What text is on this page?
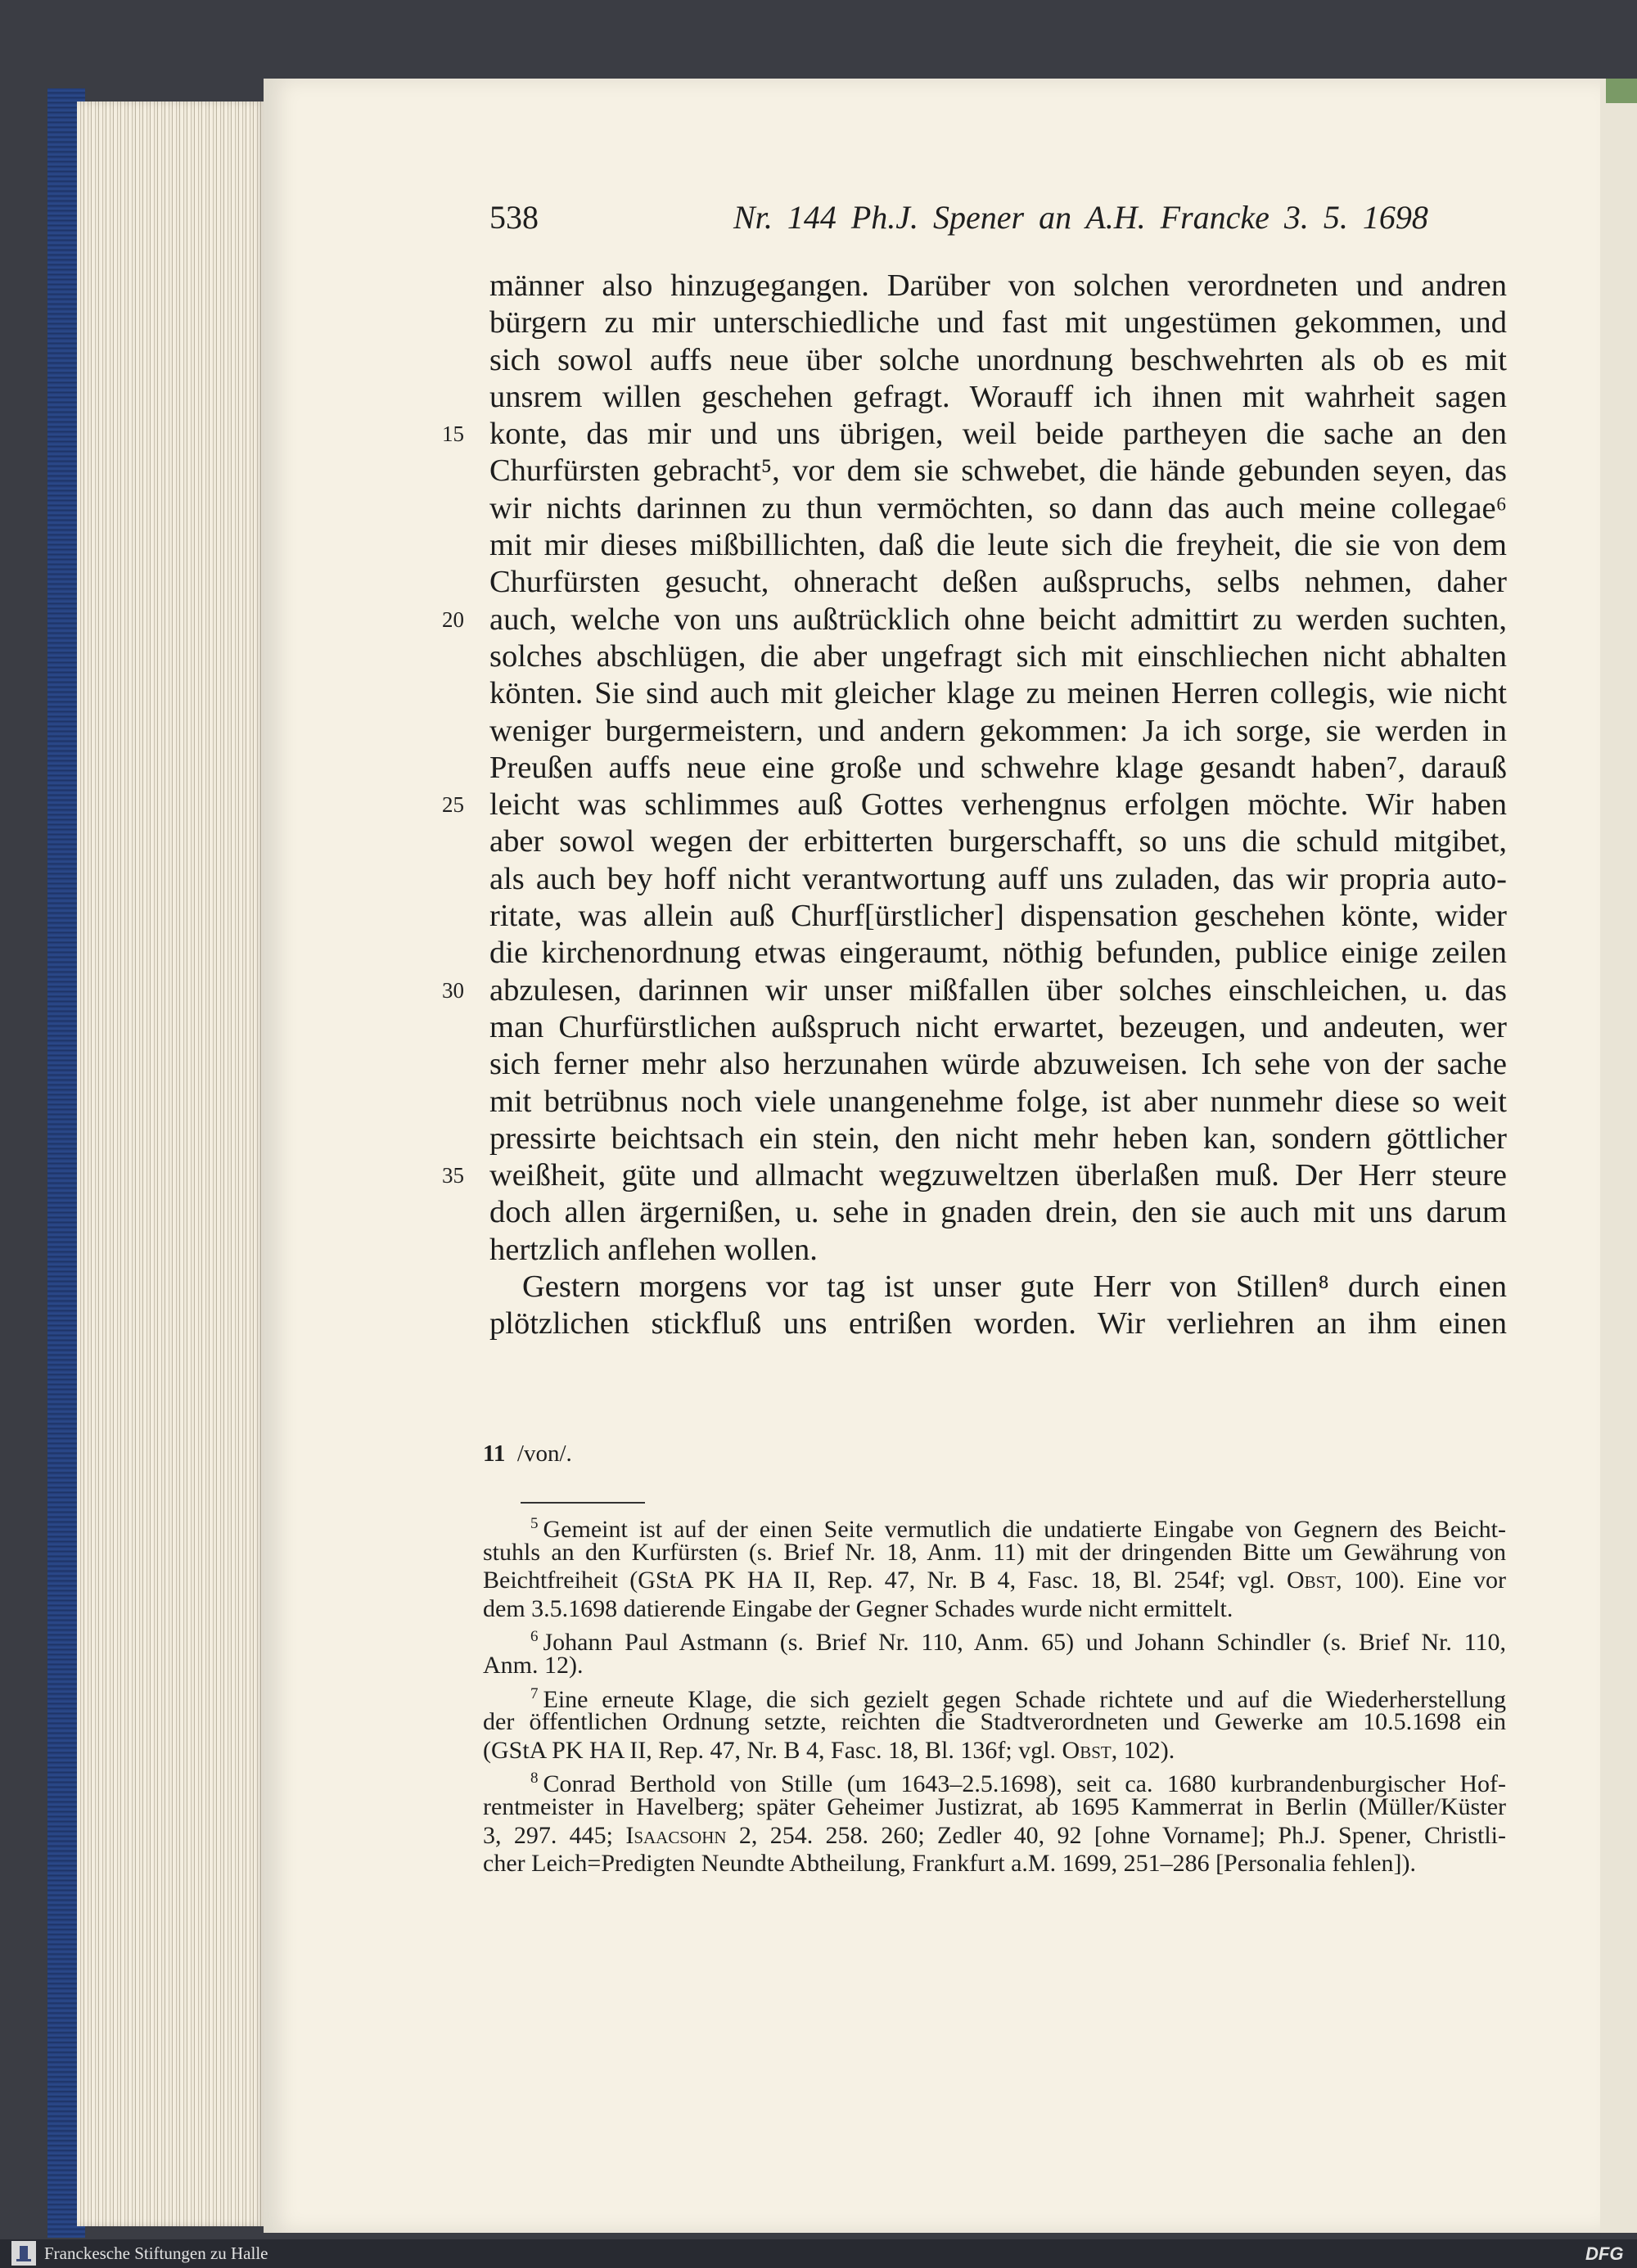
538	Nr. 144 Ph.J. Spener an A.H. Francke 3. 5. 1698
15
20
25
30
35
männer also hinzugegangen. Darüber von solchen verordneten und andren
bürgern zu mir unterschiedliche und fast mit ungestümen gekommen, und
sich sowol auffs neue über solche unordnung beschwehrten als ob es mit
unsrem willen geschehen gefragt. Worauff ich ihnen mit wahrheit sagen
konte, das mir und uns übrigen, weil beide partheyen die sache an den
Churfürsten gebracht⁵, vor dem sie schwebet, die hände gebunden seyen, das
wir nichts darinnen zu thun vermöchten, so dann das auch meine collegae⁶
mit mir dieses mißbillichten, daß die leute sich die freyheit, die sie von dem
Churfürsten gesucht, ohneracht deßen außspruchs, selbs nehmen, daher
auch, welche von uns außtrücklich ohne beicht admittirt zu werden suchten,
solches abschlügen, die aber ungefragt sich mit einschliechen nicht abhalten
könten. Sie sind auch mit gleicher klage zu meinen Herren collegis, wie nicht
weniger burgermeistern, und andern gekommen: Ja ich sorge, sie werden in
Preußen auffs neue eine große und schwehre klage gesandt haben⁷, darauß
leicht was schlimmes auß Gottes verhengnus erfolgen möchte. Wir haben
aber sowol wegen der erbitterten burgerschafft, so uns die schuld mitgibet,
als auch bey hoff nicht verantwortung auff uns zuladen, das wir propria auto-
ritate, was allein auß Churf[ürstlicher] dispensation geschehen könte, wider
die kirchenordnung etwas eingeraumt, nöthig befunden, publice einige zeilen
abzulesen, darinnen wir unser mißfallen über solches einschleichen, u. das
man Churfürstlichen außspruch nicht erwartet, bezeugen, und andeuten, wer
sich ferner mehr also herzunahen würde abzuweisen. Ich sehe von der sache
mit betrübnus noch viele unangenehme folge, ist aber nunmehr diese so weit
pressirte beichtsach ein stein, den nicht mehr heben kan, sondern göttlicher
weißheit, güte und allmacht wegzuweltzen überlaßen muß. Der Herr steure
doch allen ärgernißen, u. sehe in gnaden drein, den sie auch mit uns darum
hertzlich anflehen wollen.
Gestern morgens vor tag ist unser gute Herr von Stillen⁸ durch einen
plötzlichen stickfluß uns entrißen worden. Wir verliehren an ihm einen
11 /von/.
$^5$ Gemeint ist auf der einen Seite vermutlich die undatierte Eingabe von Gegnern des Beicht-
stuhls an den Kurfürsten (s. Brief Nr. 18, Anm. 11) mit der dringenden Bitte um Gewährung von
Beichtfreiheit (GStA PK HA II, Rep. 47, Nr. B 4, Fasc. 18, Bl. 254f; vgl. Obst, 100). Eine vor
dem 3.5.1698 datierende Eingabe der Gegner Schades wurde nicht ermittelt.
$^6$ Johann Paul Astmann (s. Brief Nr. 110, Anm. 65) und Johann Schindler (s. Brief Nr. 110,
Anm. 12).
$^7$ Eine erneute Klage, die sich gezielt gegen Schade richtete und auf die Wiederherstellung
der öffentlichen Ordnung setzte, reichten die Stadtverordneten und Gewerke am 10.5.1698 ein
(GStA PK HA II, Rep. 47, Nr. B 4, Fasc. 18, Bl. 136f; vgl. Obst, 102).
$^8$ Conrad Berthold von Stille (um 1643–2.5.1698), seit ca. 1680 kurbrandenburgischer Hof-
rentmeister in Havelberg; später Geheimer Justizrat, ab 1695 Kammerrat in Berlin (Müller/Küster
3, 297. 445; Isaacsohn 2, 254. 258. 260; Zedler 40, 92 [ohne Vorname]; Ph.J. Spener, Christli-
cher Leich=Predigten Neundte Abtheilung, Frankfurt a.M. 1699, 251–286 [Personalia fehlen]).
Franckesche Stiftungen zu Halle	DFG
